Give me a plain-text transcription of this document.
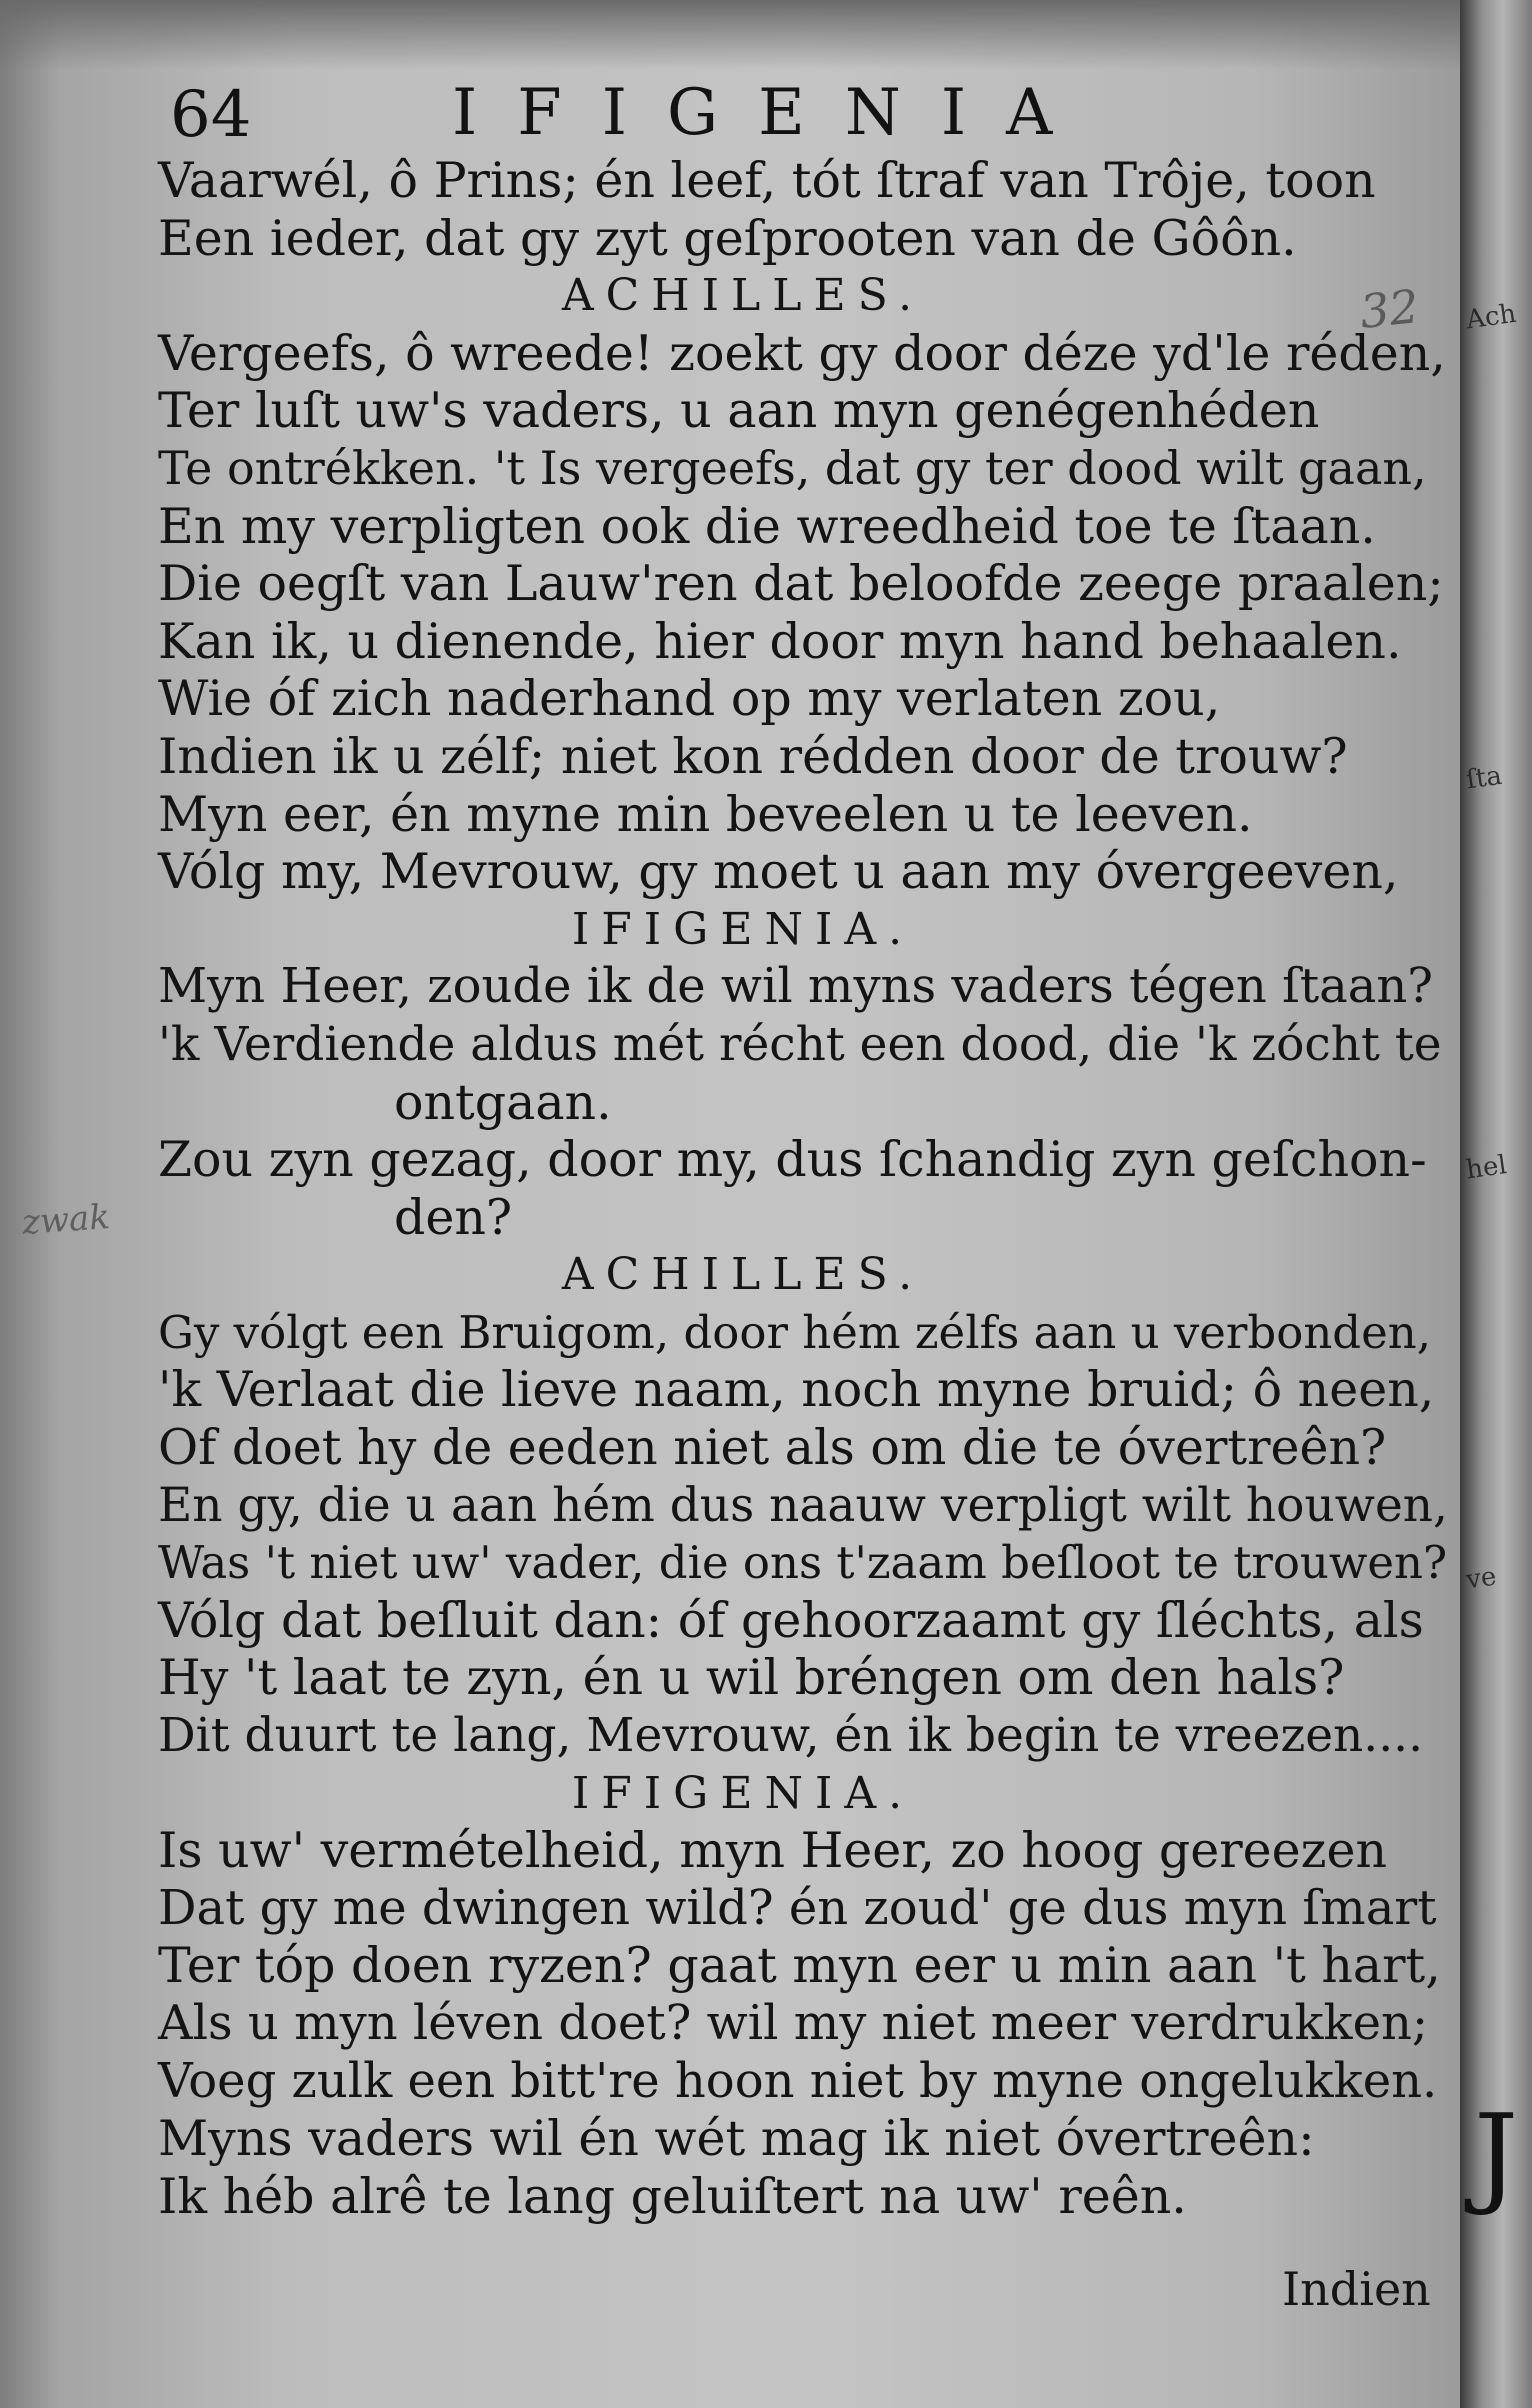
64	IFIGENIA
32
zwak
Vaarwél, ô Prins; én leef, tót ſtraf van Trôje, toon
Een ieder, dat gy zyt geſprooten van de Gôôn.
ACHILLES.
Vergeefs, ô wreede! zoekt gy door déze yd'le réden,
Ter luſt uw's vaders, u aan myn genégenhéden
Te ontrékken. 't Is vergeefs, dat gy ter dood wilt gaan,
En my verpligten ook die wreedheid toe te ſtaan.
Die oegſt van Lauw'ren dat beloofde zeege praalen;
Kan ik, u dienende, hier door myn hand behaalen.
Wie óf zich naderhand op my verlaten zou,
Indien ik u zélf; niet kon rédden door de trouw?
Myn eer, én myne min beveelen u te leeven.
Vólg my, Mevrouw, gy moet u aan my óvergeeven,
IFIGENIA.
Myn Heer, zoude ik de wil myns vaders tégen ſtaan?
'k Verdiende aldus mét récht een dood, die 'k zócht te
ontgaan.
Zou zyn gezag, door my, dus ſchandig zyn geſchon-
den?
ACHILLES.
Gy vólgt een Bruigom, door hém zélfs aan u verbonden,
'k Verlaat die lieve naam, noch myne bruid; ô neen,
Of doet hy de eeden niet als om die te óvertreên?
En gy, die u aan hém dus naauw verpligt wilt houwen,
Was 't niet uw' vader, die ons t'zaam beſloot te trouwen?
Vólg dat beſluit dan: óf gehoorzaamt gy ſléchts, als
Hy 't laat te zyn, én u wil bréngen om den hals?
Dit duurt te lang, Mevrouw, én ik begin te vreezen....
IFIGENIA.
Is uw' vermételheid, myn Heer, zo hoog gereezen
Dat gy me dwingen wild? én zoud' ge dus myn ſmart
Ter tóp doen ryzen? gaat myn eer u min aan 't hart,
Als u myn léven doet? wil my niet meer verdrukken;
Voeg zulk een bitt're hoon niet by myne ongelukken.
Myns vaders wil én wét mag ik niet óvertreên:
Ik héb alrê te lang geluiſtert na uw' reên.
Indien
Ach
ſta
hel
ve
J
